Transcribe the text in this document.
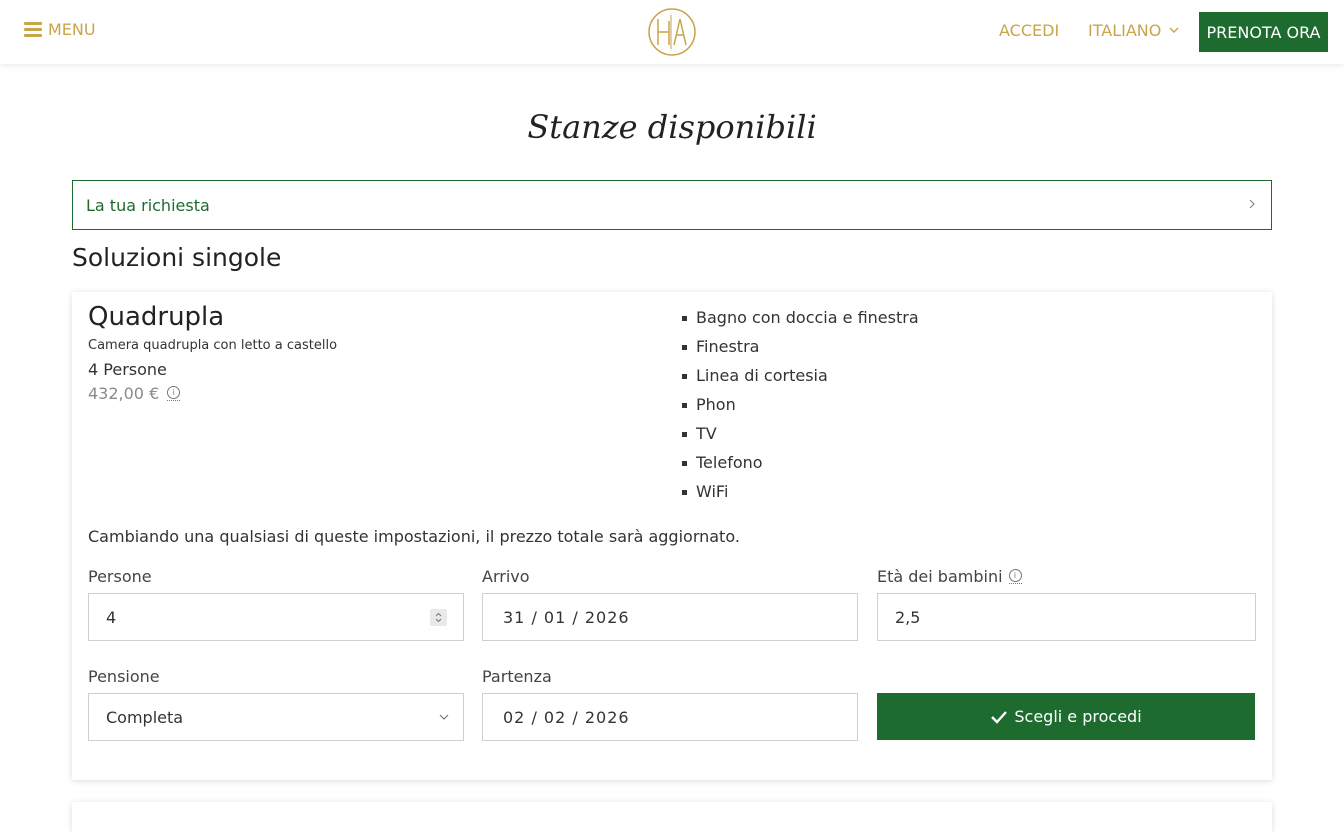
MENU	ACCEDI ITALIANO	PRENOTA ORA
Stanze disponibili
La tua richiesta
Soluzioni singole
Quadrupla
Camera quadrupla con letto a castello
4 Persone
432,00 €	i
Bagno con doccia e finestra
Finestra
Linea di cortesia
Phon
TV
Telefono
WiFi
Cambiando una qualsiasi di queste impostazioni, il prezzo totale sarà aggiornato.
Persone
4
Arrivo
31 / 01 / 2026
Età dei bambini	i
2,5
Pensione
Completa
Partenza
02 / 02 / 2026	Scegli e procedi
